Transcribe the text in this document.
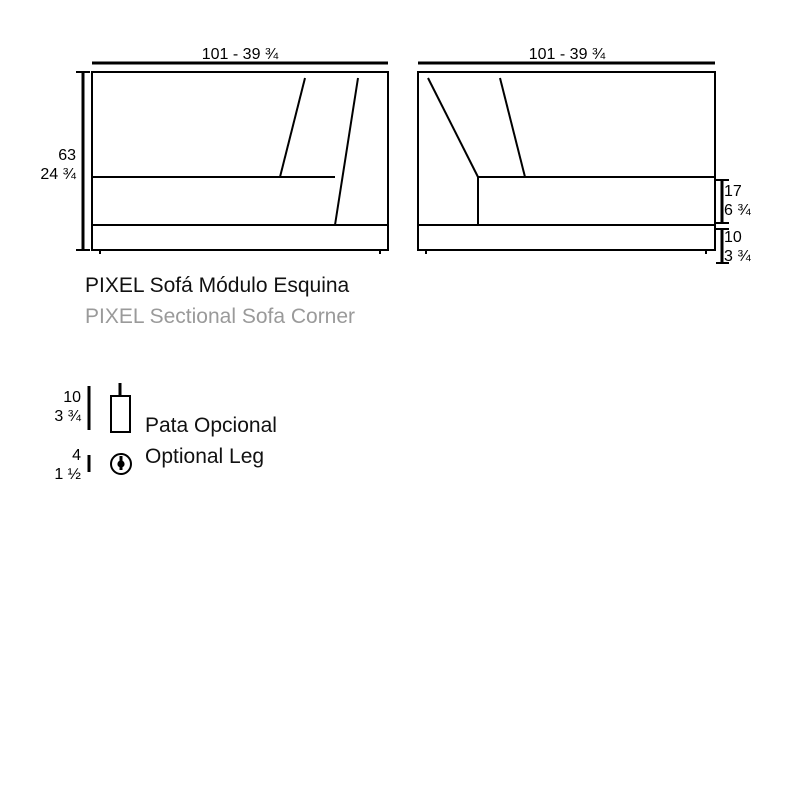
101 - 39 ¾	101 - 39 ¾
63
24 ¾
17
6 ¾
10
3 ¾
PIXEL Sofá Módulo Esquina
PIXEL Sectional Sofa Corner
10
3 ¾
4
1 ½
Pata Opcional
Optional Leg
